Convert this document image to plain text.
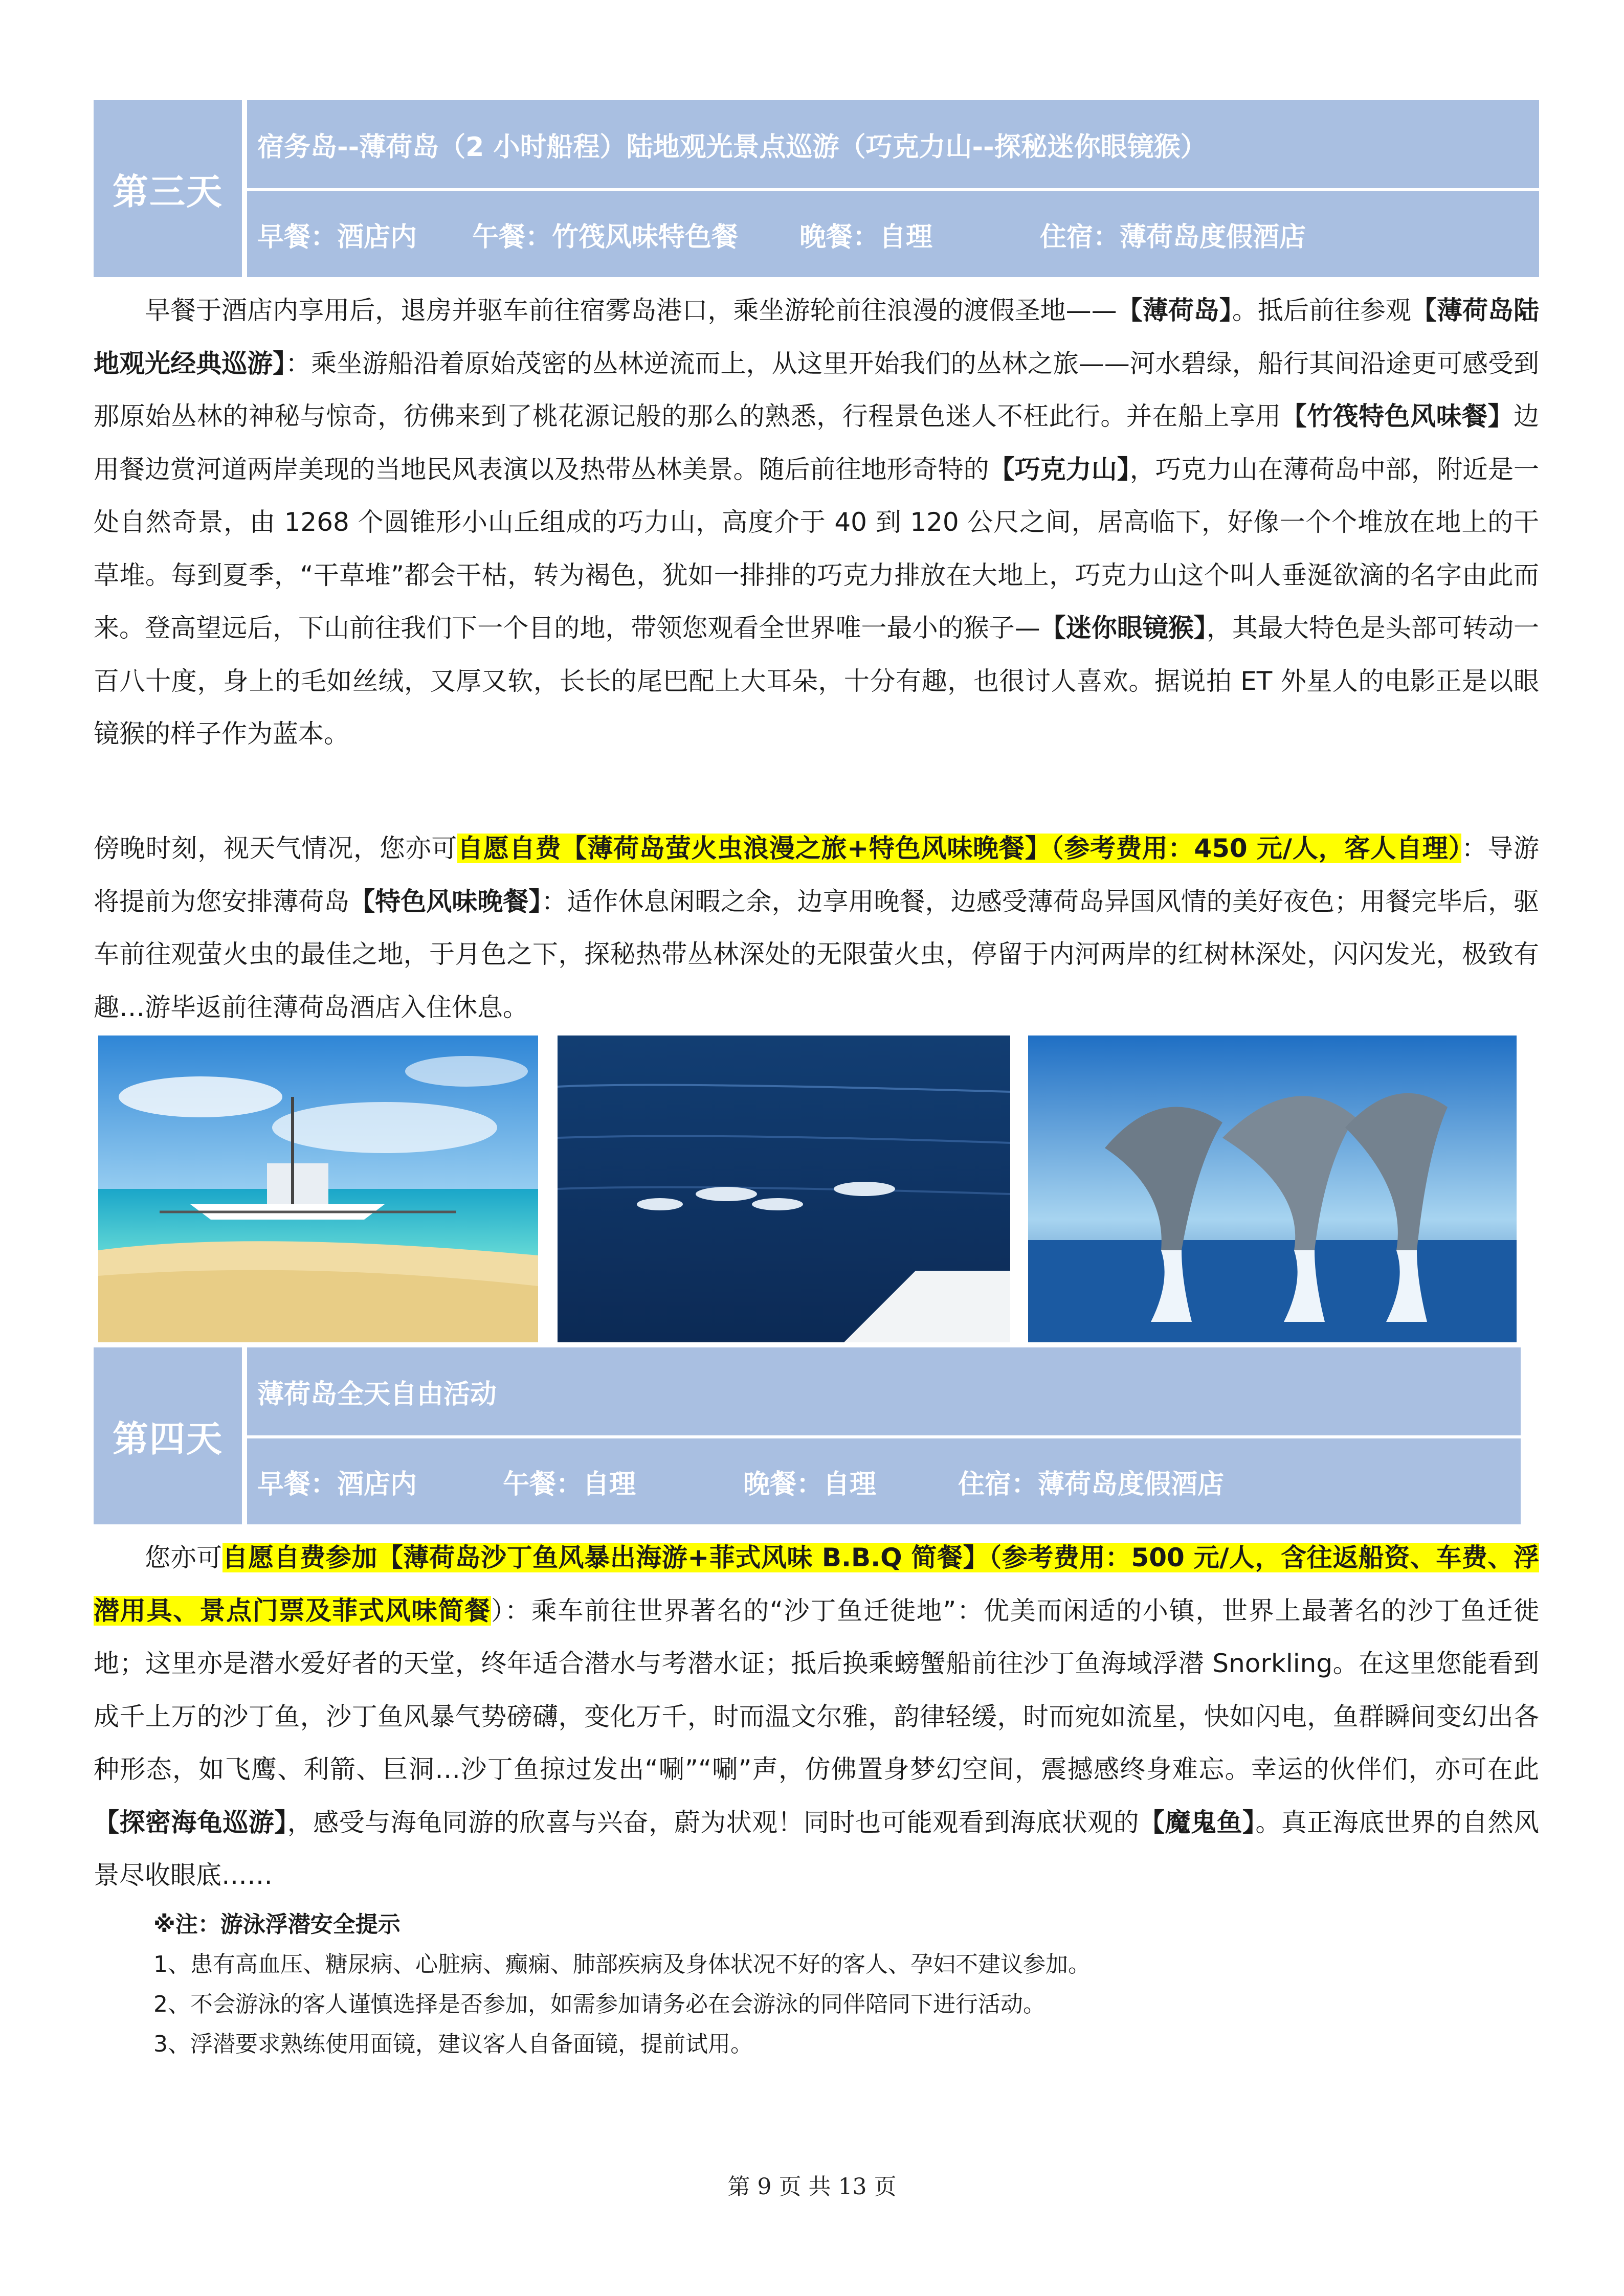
第三天
宿务岛--薄荷岛（2 小时船程）陆地观光景点巡游（巧克力山--探秘迷你眼镜猴）
早餐：酒店内	午餐：竹筏风味特色餐	晚餐：自理	住宿：薄荷岛度假酒店

早餐于酒店内享用后，退房并驱车前往宿雾岛港口，乘坐游轮前往浪漫的渡假圣地——【薄荷岛】。抵后前往参观【薄荷岛陆地观光经典巡游】：乘坐游船沿着原始茂密的丛林逆流而上，从这里开始我们的丛林之旅——河水碧绿，船行其间沿途更可感受到那原始丛林的神秘与惊奇，彷佛来到了桃花源记般的那么的熟悉，行程景色迷人不枉此行。并在船上享用【竹筏特色风味餐】边用餐边赏河道两岸美现的当地民风表演以及热带丛林美景。随后前往地形奇特的【巧克力山】，巧克力山在薄荷岛中部，附近是一处自然奇景，由 1268 个圆锥形小山丘组成的巧力山，高度介于 40 到 120 公尺之间，居高临下，好像一个个堆放在地上的干草堆。每到夏季，“干草堆”都会干枯，转为褐色，犹如一排排的巧克力排放在大地上，巧克力山这个叫人垂涎欲滴的名字由此而来。登高望远后，下山前往我们下一个目的地，带领您观看全世界唯一最小的猴子—【迷你眼镜猴】，其最大特色是头部可转动一百八十度，身上的毛如丝绒，又厚又软，长长的尾巴配上大耳朵，十分有趣，也很讨人喜欢。据说拍 ET 外星人的电影正是以眼镜猴的样子作为蓝本。

傍晚时刻，视天气情况，您亦可自愿自费【薄荷岛萤火虫浪漫之旅+特色风味晚餐】（参考费用：450 元/人，客人自理）：导游将提前为您安排薄荷岛【特色风味晚餐】：适作休息闲暇之余，边享用晚餐，边感受薄荷岛异国风情的美好夜色；用餐完毕后，驱车前往观萤火虫的最佳之地，于月色之下，探秘热带丛林深处的无限萤火虫，停留于内河两岸的红树林深处，闪闪发光，极致有趣…游毕返前往薄荷岛酒店入住休息。

第四天
薄荷岛全天自由活动
早餐：酒店内	午餐：自理	晚餐：自理	住宿：薄荷岛度假酒店

您亦可自愿自费参加【薄荷岛沙丁鱼风暴出海游+菲式风味 B.B.Q 简餐】（参考费用：500 元/人，含往返船资、车费、浮潜用具、景点门票及菲式风味简餐）：乘车前往世界著名的“沙丁鱼迁徙地”：优美而闲适的小镇，世界上最著名的沙丁鱼迁徙地；这里亦是潜水爱好者的天堂，终年适合潜水与考潜水证；抵后换乘螃蟹船前往沙丁鱼海域浮潜 Snorkling。在这里您能看到成千上万的沙丁鱼，沙丁鱼风暴气势磅礴，变化万千，时而温文尔雅，韵律轻缓，时而宛如流星，快如闪电，鱼群瞬间变幻出各种形态，如飞鹰、利箭、巨洞…沙丁鱼掠过发出“唰”“唰”声，仿佛置身梦幻空间，震撼感终身难忘。幸运的伙伴们，亦可在此【探密海龟巡游】，感受与海龟同游的欣喜与兴奋，蔚为状观！同时也可能观看到海底状观的【魔鬼鱼】。真正海底世界的自然风景尽收眼底……

※注：游泳浮潜安全提示

1、患有高血压、糖尿病、心脏病、癫痫、肺部疾病及身体状况不好的客人、孕妇不建议参加。

2、不会游泳的客人谨慎选择是否参加，如需参加请务必在会游泳的同伴陪同下进行活动。

3、浮潜要求熟练使用面镜，建议客人自备面镜，提前试用。

第 9 页 共 13 页
